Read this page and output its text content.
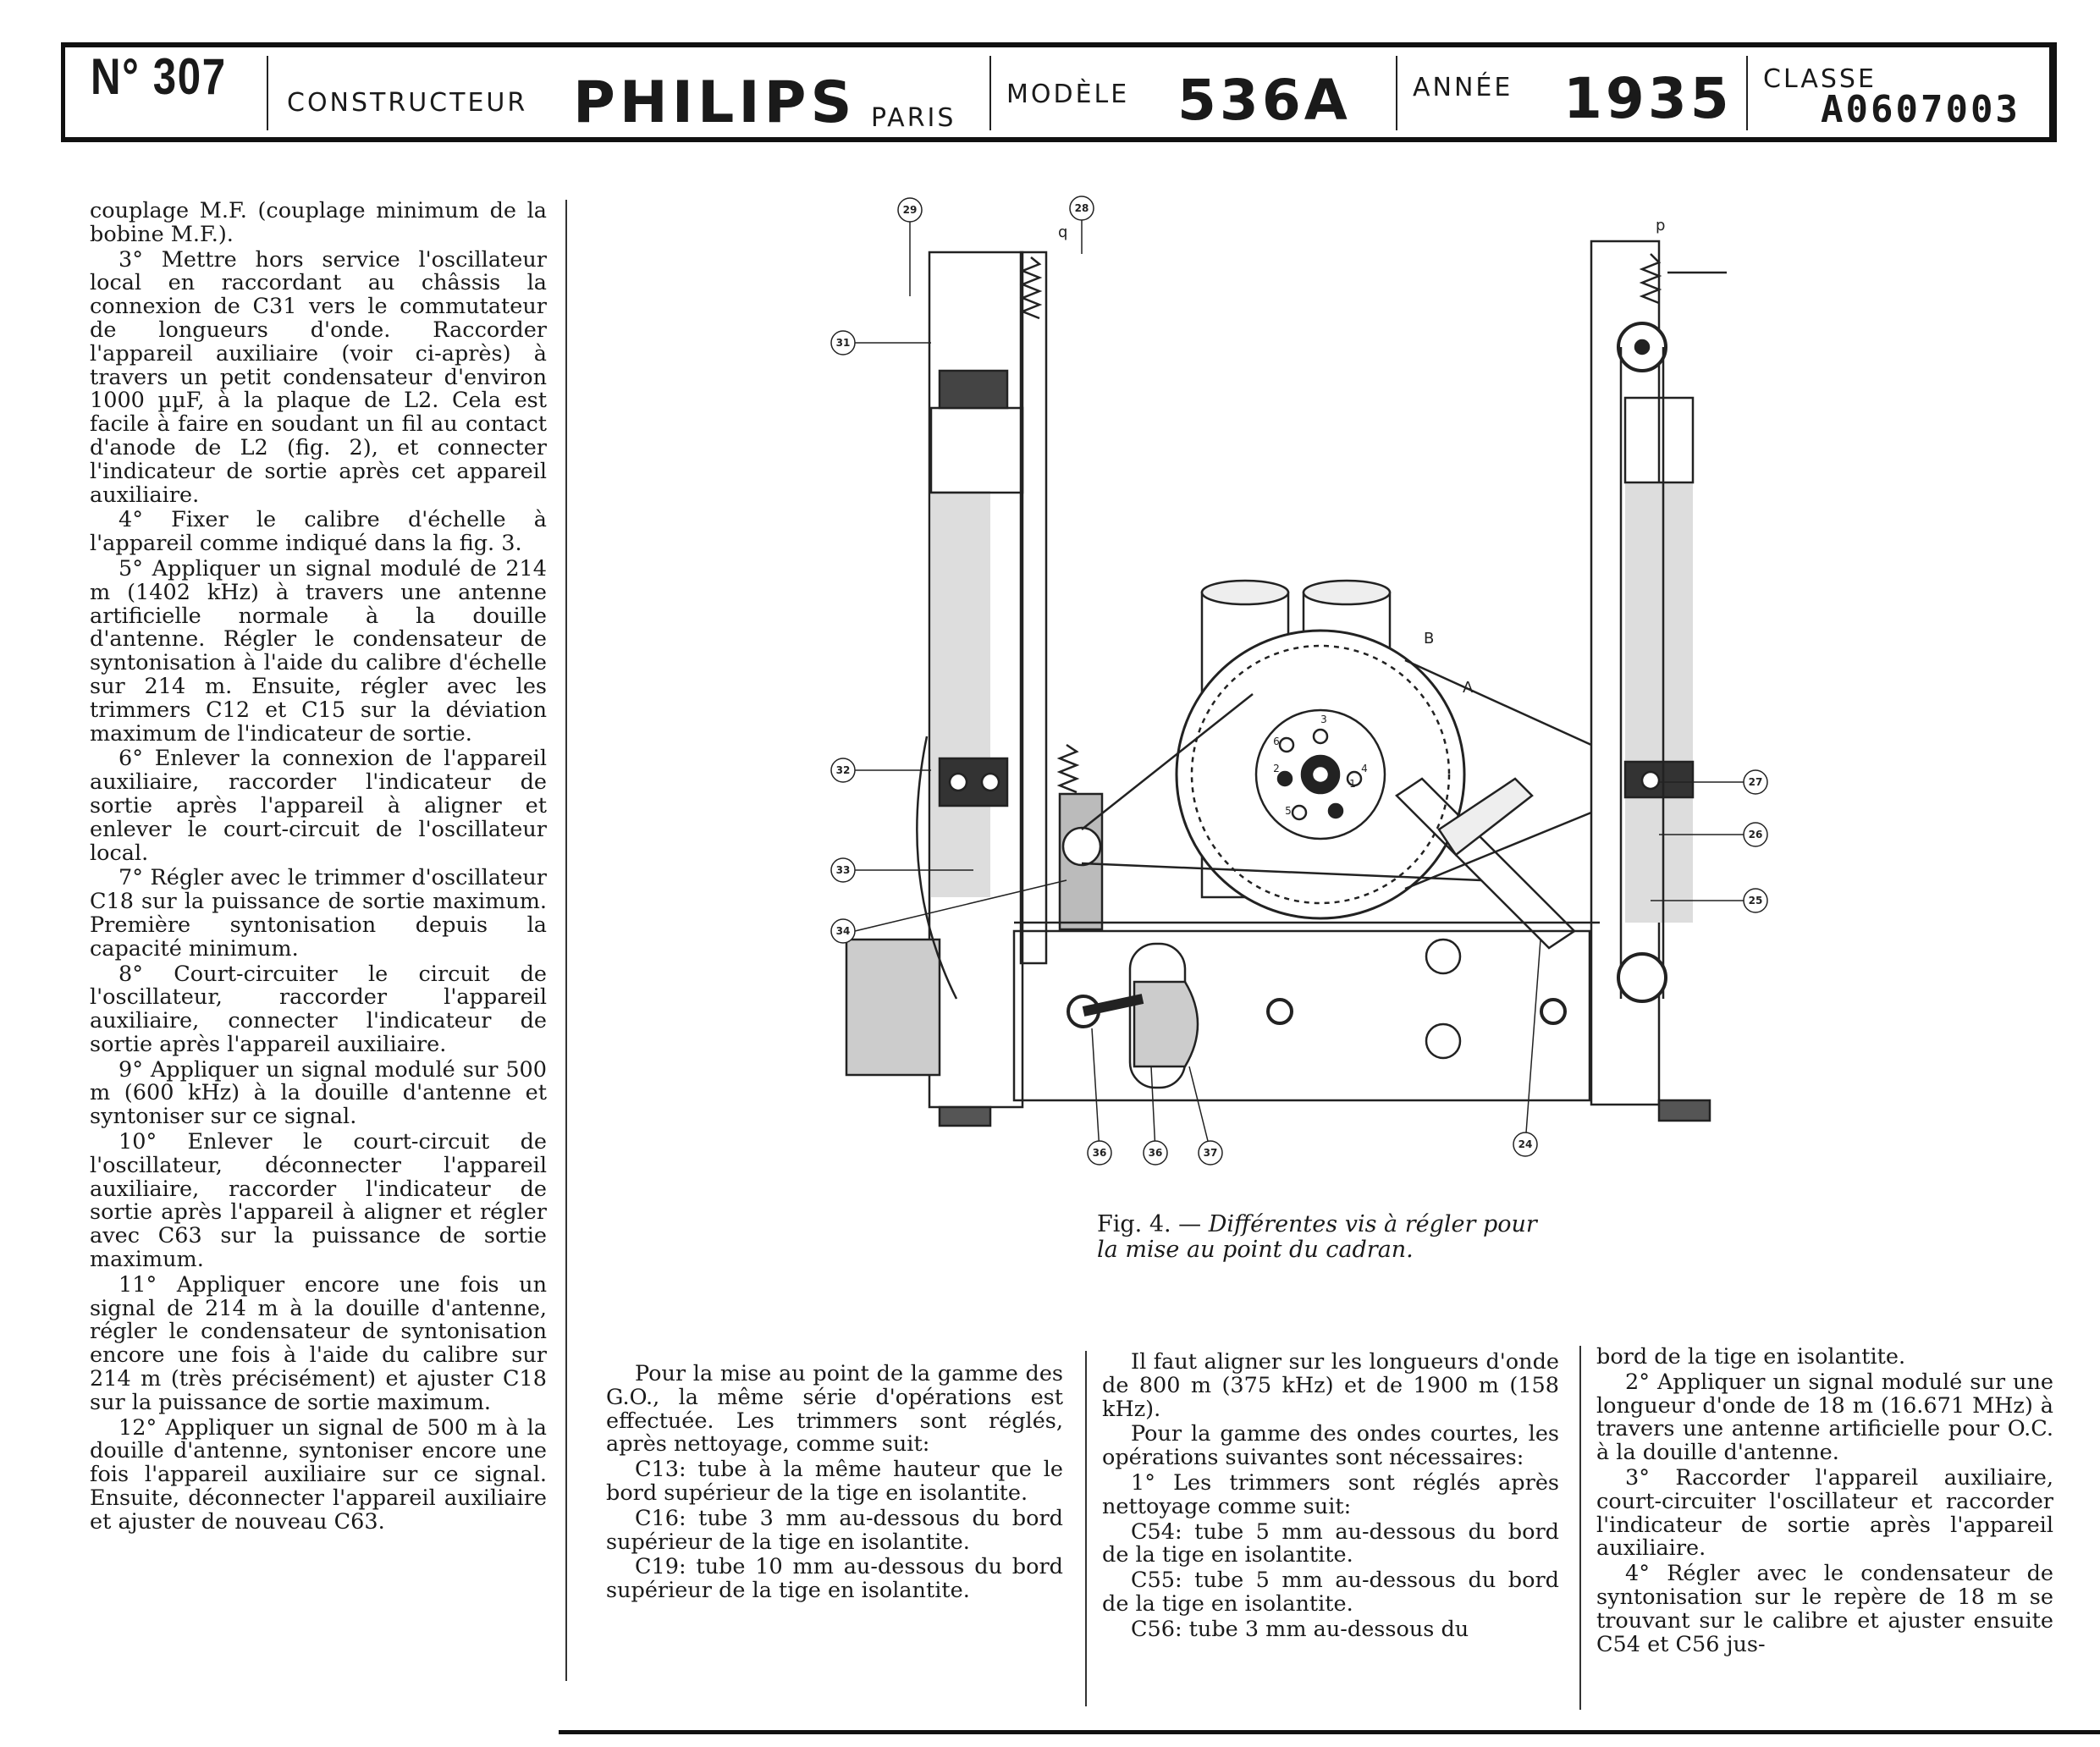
N° 307 CONSTRUCTEUR PHILIPS PARIS
MODÈLE 536A ANNÉE 1935 CLASSE
A0607003

couplage M.F. (couplage minimum de la bobine M.F.).

3° Mettre hors service l'oscillateur local en raccordant au châssis la connexion de C31 vers le commutateur de longueurs d'onde. Raccorder l'appareil auxiliaire (voir ci-après) à travers un petit condensateur d'environ 1000 µµF, à la plaque de L2. Cela est facile à faire en soudant un fil au contact d'anode de L2 (fig. 2), et connecter l'indicateur de sortie après cet appareil auxiliaire.

4° Fixer le calibre d'échelle à l'appareil comme indiqué dans la fig. 3.

5° Appliquer un signal modulé de 214 m (1402 kHz) à travers une antenne artificielle normale à la douille d'antenne. Régler le condensateur de syntonisation à l'aide du calibre d'échelle sur 214 m. Ensuite, régler avec les trimmers C12 et C15 sur la déviation maximum de l'indicateur de sortie.

6° Enlever la connexion de l'appareil auxiliaire, raccorder l'indicateur de sortie après l'appareil à aligner et enlever le court-circuit de l'oscillateur local.

7° Régler avec le trimmer d'oscillateur C18 sur la puissance de sortie maximum. Première syntonisation depuis la capacité minimum.

8° Court-circuiter le circuit de l'oscillateur, raccorder l'appareil auxiliaire, connecter l'indicateur de sortie après l'appareil auxiliaire.

9° Appliquer un signal modulé sur 500 m (600 kHz) à la douille d'antenne et syntoniser sur ce signal.

10° Enlever le court-circuit de l'oscillateur, déconnecter l'appareil auxiliaire, raccorder l'indicateur de sortie après l'appareil à aligner et régler avec C63 sur la puissance de sortie maximum.

11° Appliquer encore une fois un signal de 214 m à la douille d'antenne, régler le condensateur de syntonisation encore une fois à l'aide du calibre sur 214 m (très précisément) et ajuster C18 sur la puissance de sortie maximum.

12° Appliquer un signal de 500 m à la douille d'antenne, syntoniser encore une fois l'appareil auxiliaire sur ce signal. Ensuite, déconnecter l'appareil auxiliaire et ajuster de nouveau C63.

29	28
31
32
33
34
27
26
25
24
36	36	37
q	p
B
A
1
2
3
4
5
6
Fig. 4. — Différentes vis à régler pour la mise au point du cadran.

Pour la mise au point de la gamme des G.O., la même série d'opérations est effectuée. Les trimmers sont réglés, après nettoyage, comme suit:

C13: tube à la même hauteur que le bord supérieur de la tige en isolantite.

C16: tube 3 mm au-dessous du bord supérieur de la tige en isolantite.

C19: tube 10 mm au-dessous du bord supérieur de la tige en isolantite.

Il faut aligner sur les longueurs d'onde de 800 m (375 kHz) et de 1900 m (158 kHz).

Pour la gamme des ondes courtes, les opérations suivantes sont nécessaires:

1° Les trimmers sont réglés après nettoyage comme suit:

C54: tube 5 mm au-dessous du bord de la tige en isolantite.

C55: tube 5 mm au-dessous du bord de la tige en isolantite.

C56: tube 3 mm au-dessous du

bord de la tige en isolantite.

2° Appliquer un signal modulé sur une longueur d'onde de 18 m (16.671 MHz) à travers une antenne artificielle pour O.C. à la douille d'antenne.

3° Raccorder l'appareil auxiliaire, court-circuiter l'oscillateur et raccorder l'indicateur de sortie après l'appareil auxiliaire.

4° Régler avec le condensateur de syntonisation sur le repère de 18 m se trouvant sur le calibre et ajuster ensuite C54 et C56 jus-
